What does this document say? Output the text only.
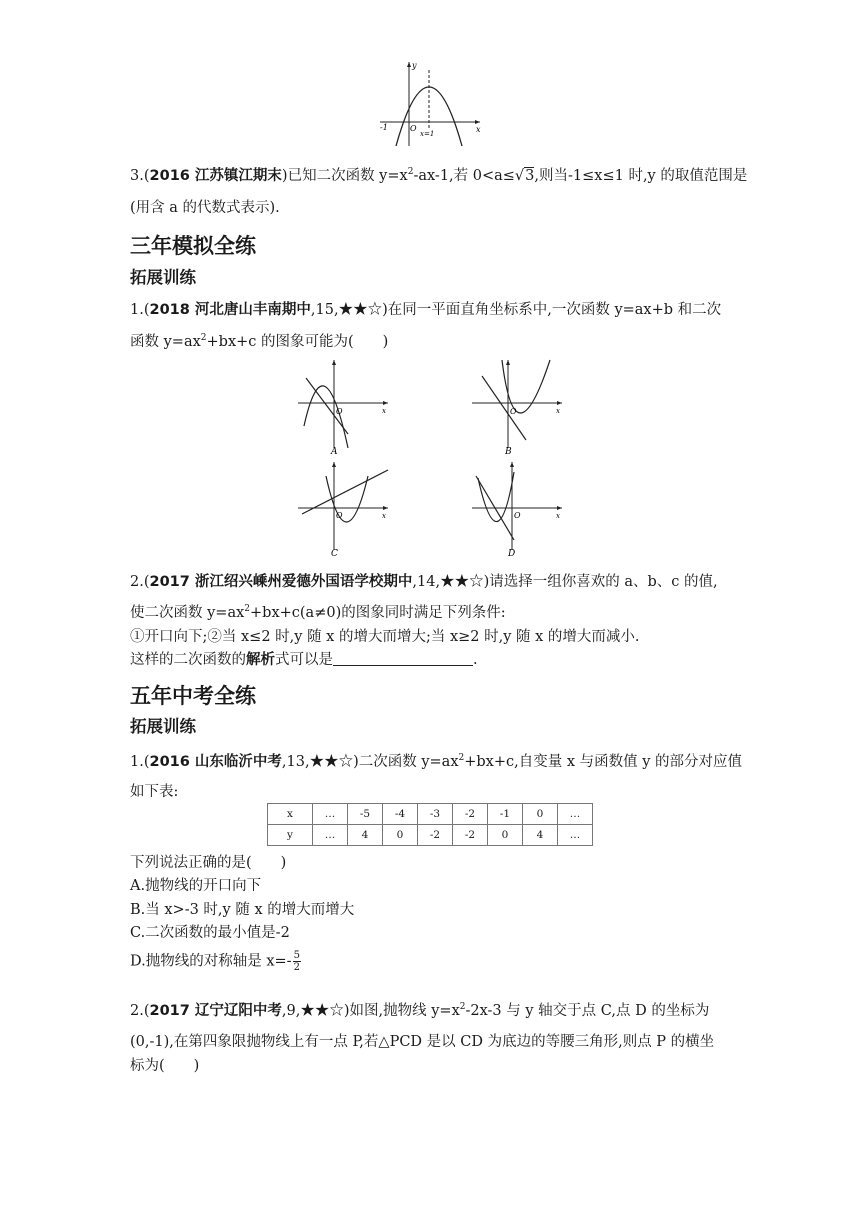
y
x
-1	O
x=1
3.(2016 江苏镇江期末)已知二次函数 $y=x^2-ax-1$,若 0<a≤√3,则当-1≤x≤1 时,y 的取值范围是
(用含 a 的代数式表示).
三年模拟全练
拓展训练
1.(2018 河北唐山丰南期中,15,★★☆)在同一平面直角坐标系中,一次函数 y=ax+b 和二次
函数 $y=ax^2+bx+c$ 的图象可能为(　　)
O	x
A
O	x
B
O	x
C
O	x
D
2.(2017 浙江绍兴嵊州爱德外国语学校期中,14,★★☆)请选择一组你喜欢的 a、b、c 的值,
使二次函数 $y=ax^2+bx+c(a\ne 0)$的图象同时满足下列条件:
①开口向下;②当 x≤2 时,y 随 x 的增大而增大;当 x≥2 时,y 随 x 的增大而减小.
这样的二次函数的解析式可以是	.
五年中考全练
拓展训练
1.(2016 山东临沂中考,13,★★☆)二次函数 $y=ax^2+bx+c$,自变量 x 与函数值 y 的部分对应值
如下表:
x	…	-5	-4	-3	-2	-1	0	…
y	…	4	0	-2	-2	0	4	…
下列说法正确的是(　　)
A.抛物线的开口向下
B.当 x>-3 时,y 随 x 的增大而增大
C.二次函数的最小值是-2
D.抛物线的对称轴是 $x=- \frac{5}{2}$
2.(2017 辽宁辽阳中考,9,★★☆)如图,抛物线 $y=x^2-2x-3$ 与 y 轴交于点 C,点 D 的坐标为
(0,-1),在第四象限抛物线上有一点 P,若△PCD 是以 CD 为底边的等腰三角形,则点 P 的横坐
标为(　　)
